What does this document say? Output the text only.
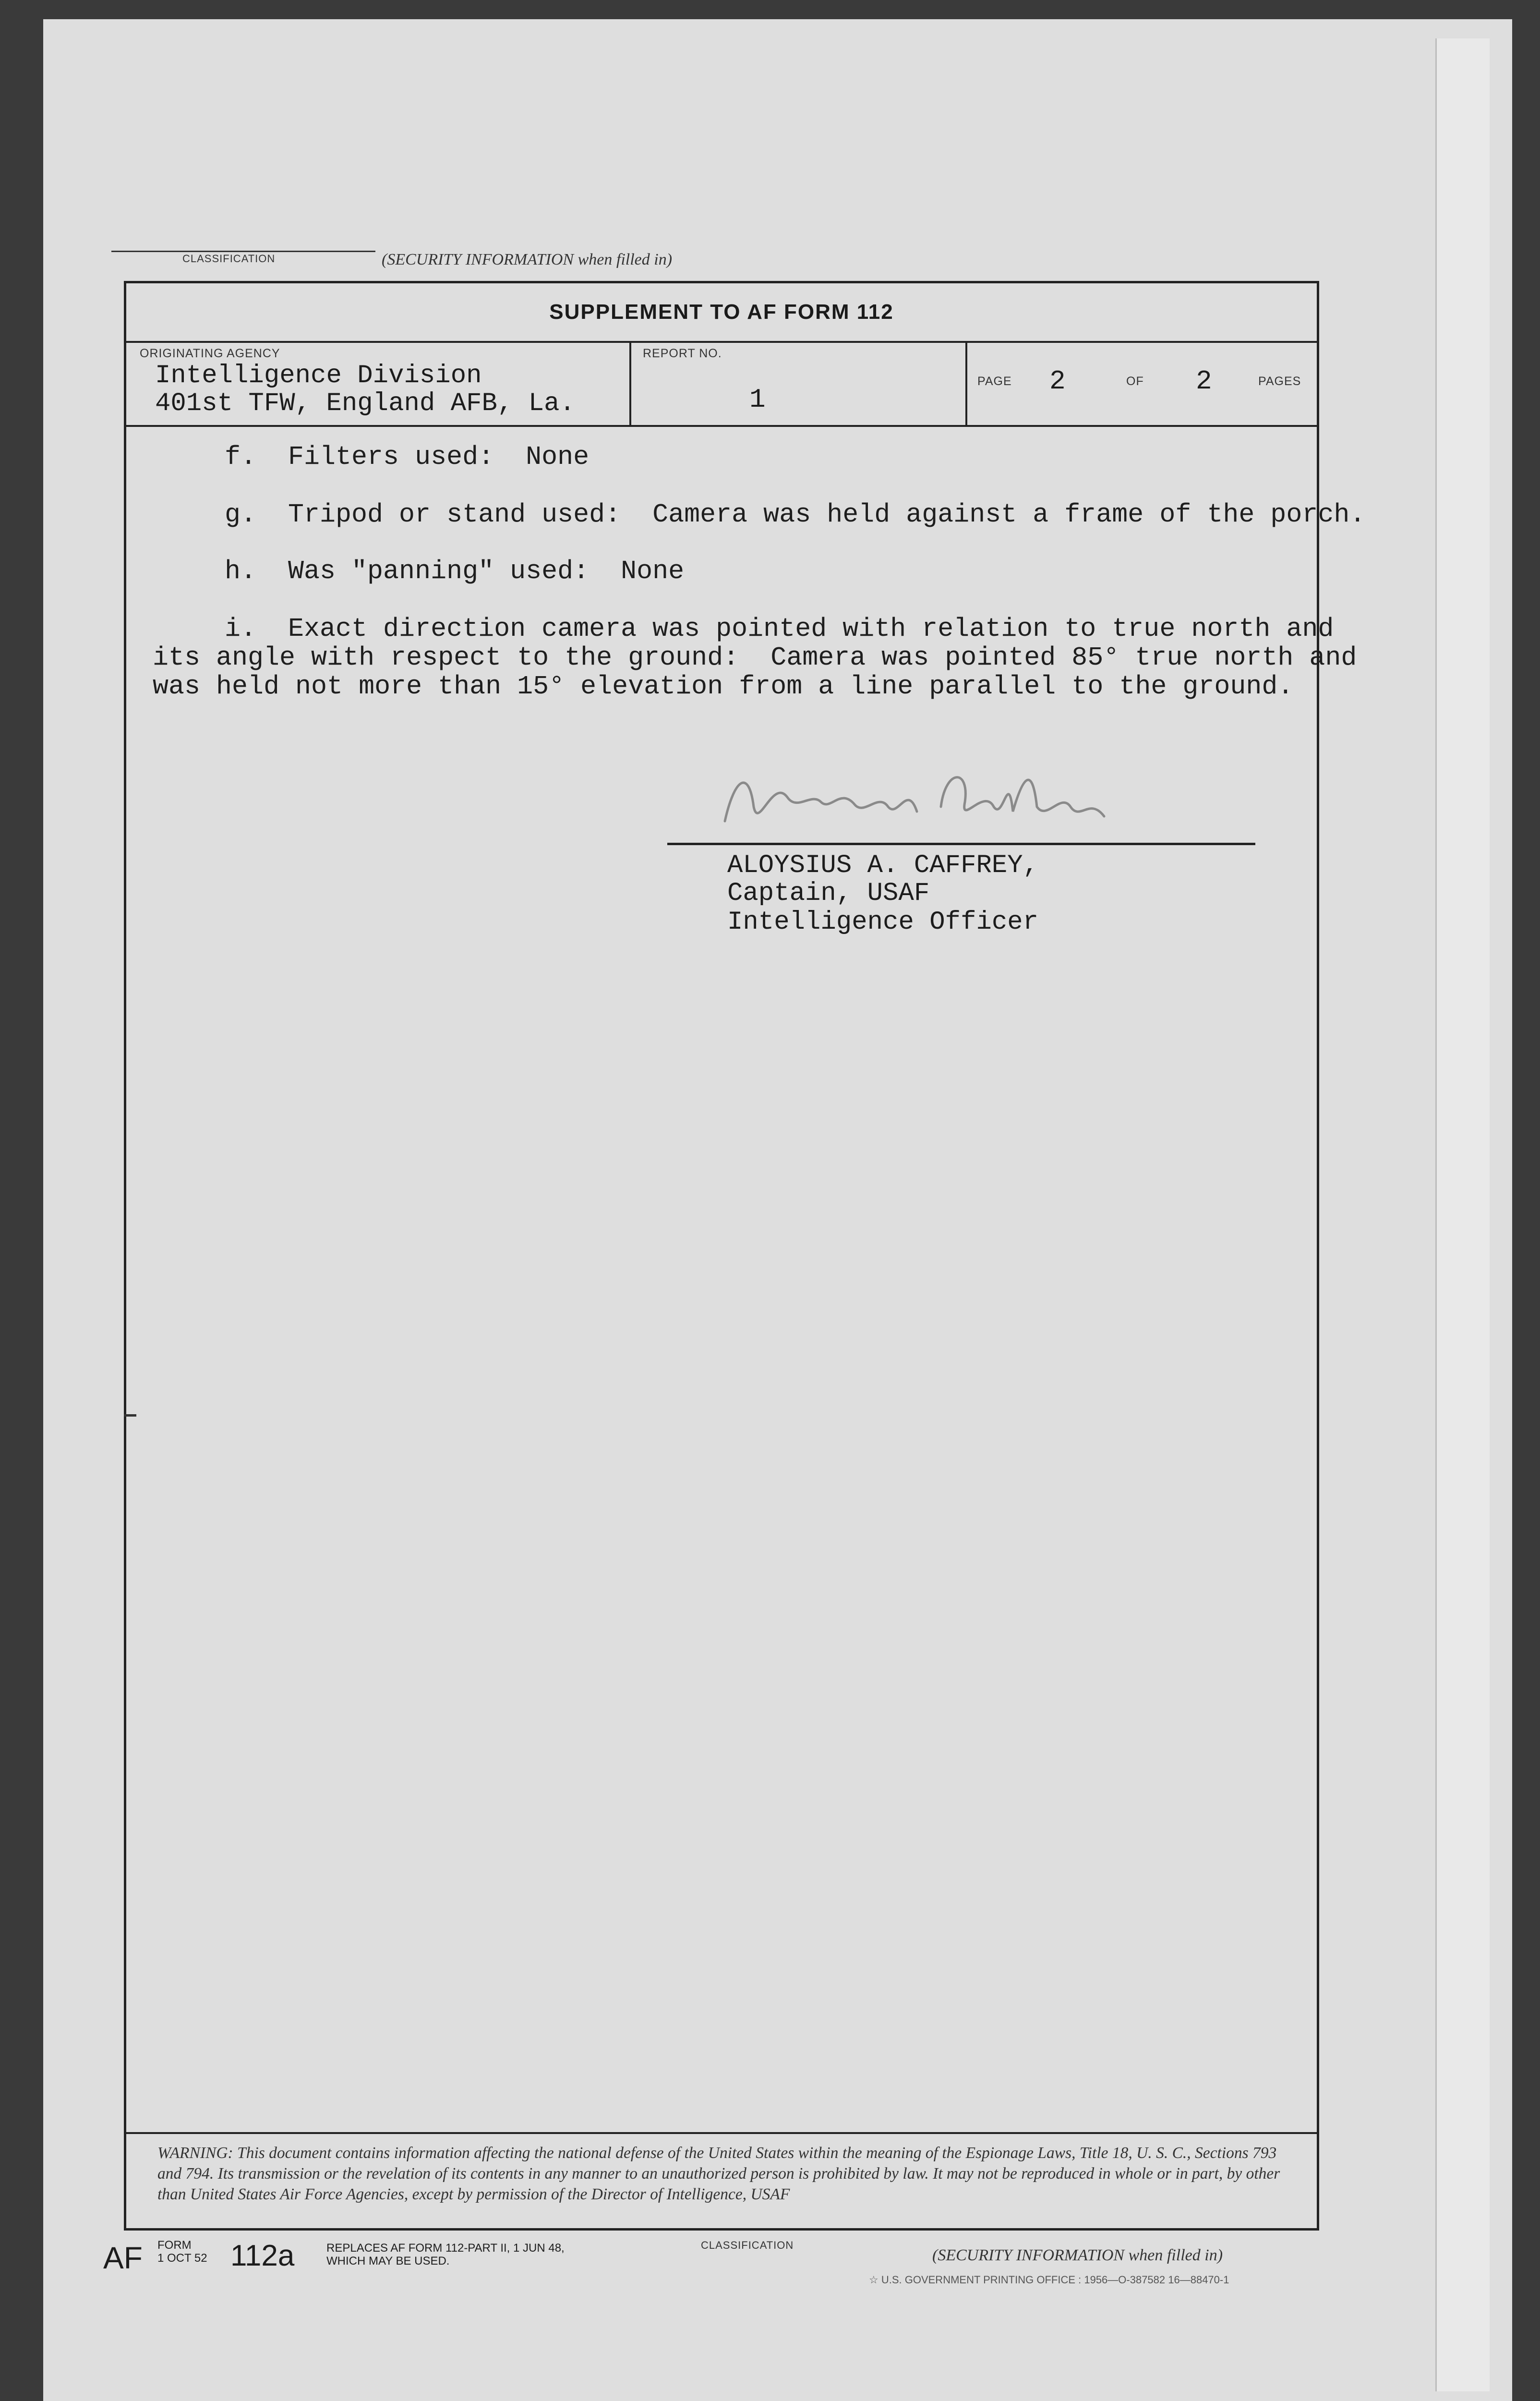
CLASSIFICATION	(SECURITY INFORMATION when filled in)
SUPPLEMENT TO AF FORM 112
ORIGINATING AGENCY
Intelligence Division
401st TFW, England AFB, La.
REPORT NO.
1
PAGE 2	OF 2	PAGES
WARNING: This document contains information affecting the national defense of the United States within the meaning of the Espionage Laws, Title 18, U. S. C., Sections 793 and 794. Its transmission or the revelation of its contents in any manner to an unauthorized person is prohibited by law. It may not be reproduced in whole or in part, by other than United States Air Force Agencies, except by permission of the Director of Intelligence, USAF
f.  Filters used:  None
g.  Tripod or stand used:  Camera was held against a frame of the porch.
h.  Was "panning" used:  None
i.  Exact direction camera was pointed with relation to true north and
its angle with respect to the ground:  Camera was pointed 85° true north and
was held not more than 15° elevation from a line parallel to the ground.
ALOYSIUS A. CAFFREY,
Captain, USAF
Intelligence Officer
AF FORM
1 OCT 52 112a	REPLACES AF FORM 112-PART II, 1 JUN 48,
WHICH MAY BE USED.
CLASSIFICATION
(SECURITY INFORMATION when filled in)
☆ U.S. GOVERNMENT PRINTING OFFICE : 1956—O-387582 16—88470-1
